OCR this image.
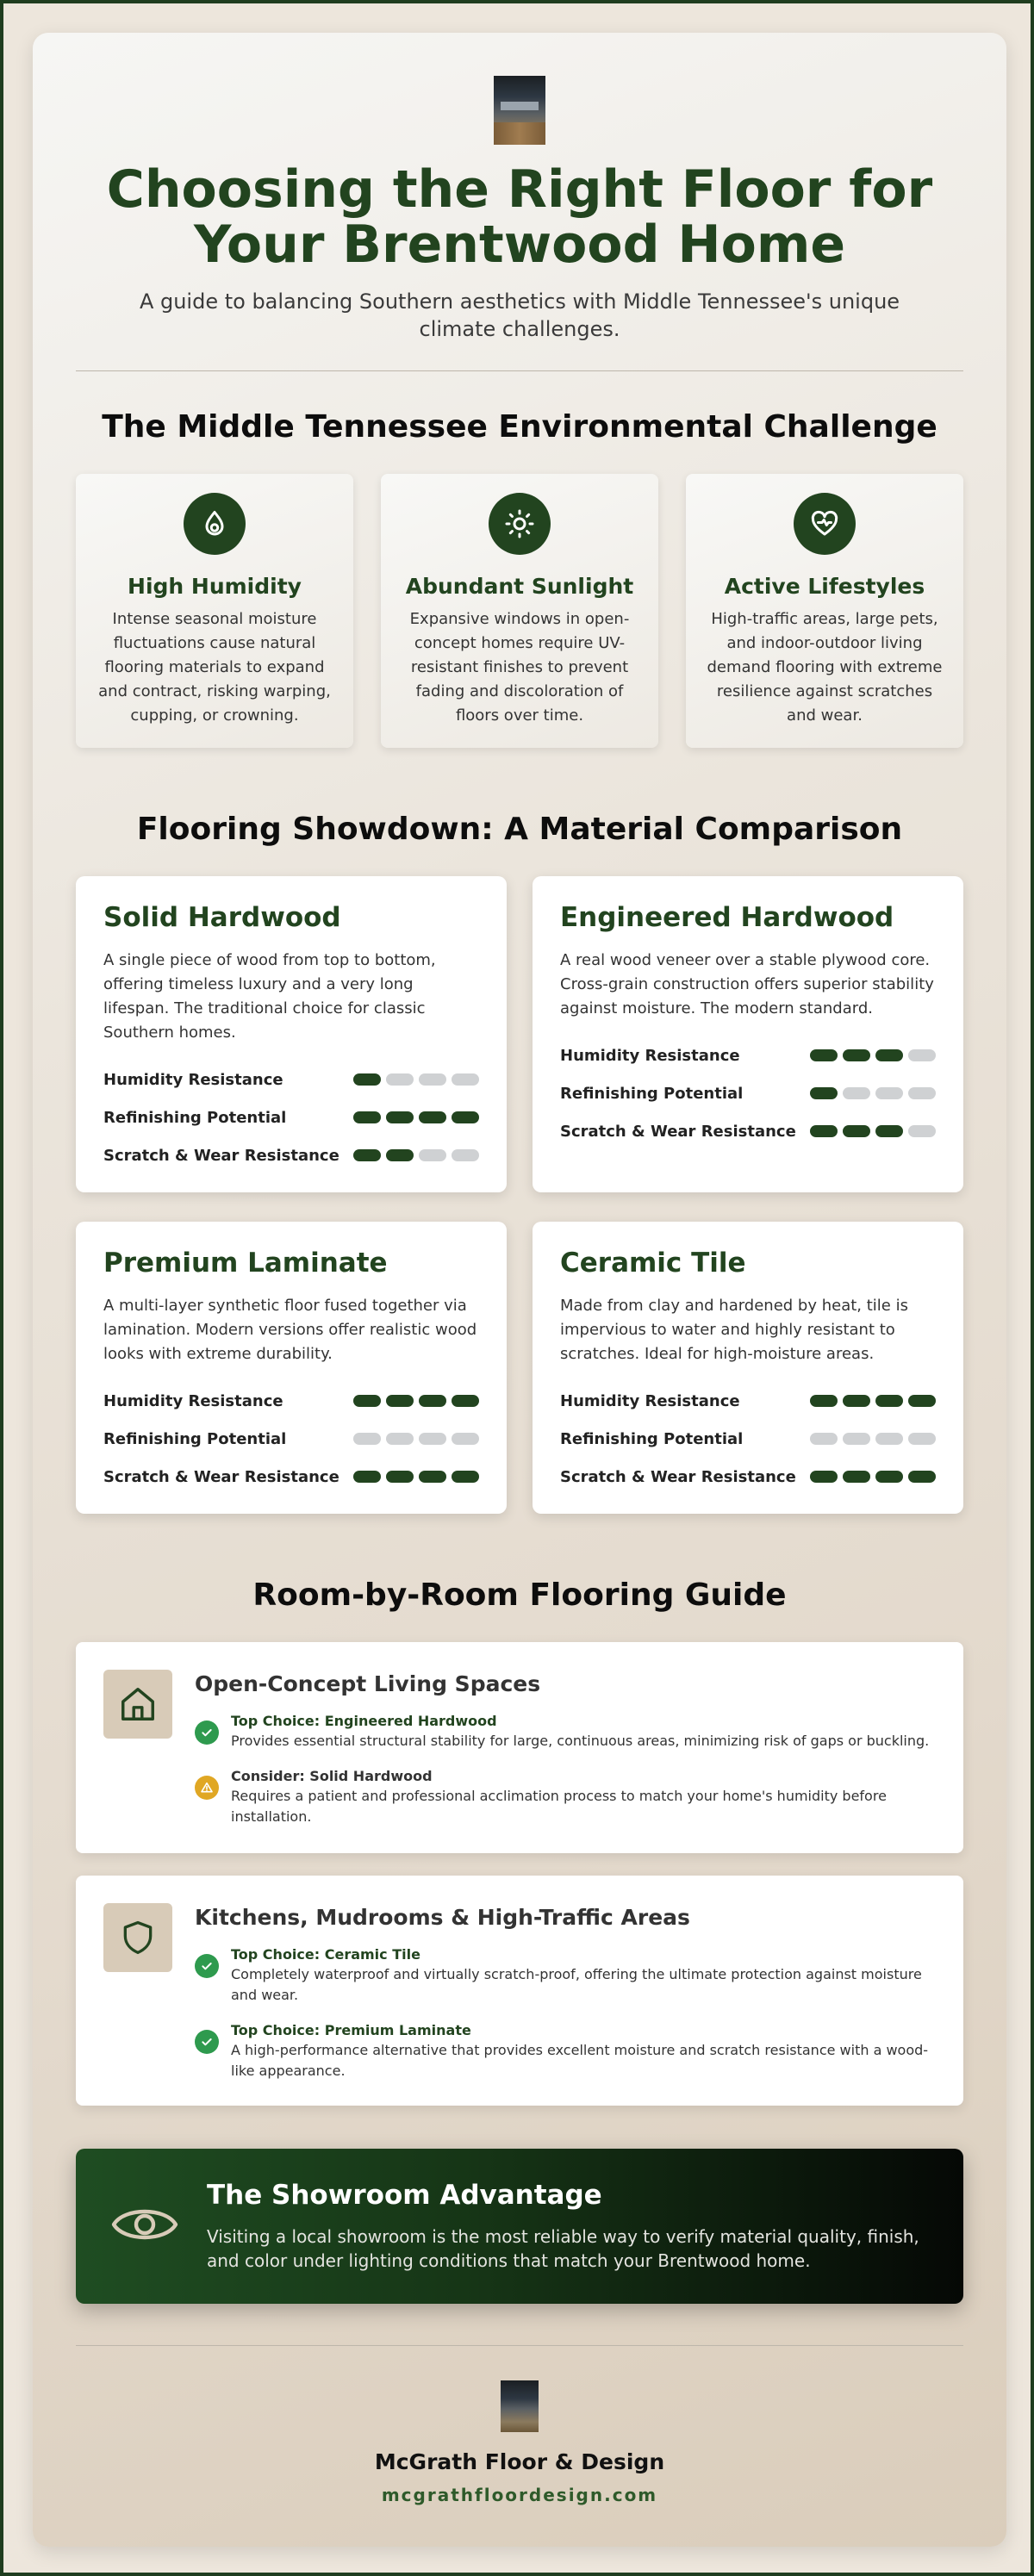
Choosing the Right Floor for
Your Brentwood Home

A guide to balancing Southern aesthetics with Middle Tennessee's unique climate challenges.

The Middle Tennessee Environmental Challenge
High Humidity
Intense seasonal moisture fluctuations cause natural flooring materials to expand and contract, risking warping, cupping, or crowning.
Abundant Sunlight
Expansive windows in open-concept homes require UV-resistant finishes to prevent fading and discoloration of floors over time.
Active Lifestyles
High-traffic areas, large pets, and indoor-outdoor living demand flooring with extreme resilience against scratches and wear.
Flooring Showdown: A Material Comparison
Solid Hardwood
A single piece of wood from top to bottom, offering timeless luxury and a very long lifespan. The traditional choice for classic Southern homes.
Humidity Resistance
Refinishing Potential
Scratch & Wear Resistance
Engineered Hardwood
A real wood veneer over a stable plywood core. Cross-grain construction offers superior stability against moisture. The modern standard.
Humidity Resistance
Refinishing Potential
Scratch & Wear Resistance
Premium Laminate
A multi-layer synthetic floor fused together via lamination. Modern versions offer realistic wood looks with extreme durability.
Humidity Resistance
Refinishing Potential
Scratch & Wear Resistance
Ceramic Tile
Made from clay and hardened by heat, tile is impervious to water and highly resistant to scratches. Ideal for high-moisture areas.
Humidity Resistance
Refinishing Potential
Scratch & Wear Resistance
Room-by-Room Flooring Guide
Open-Concept Living Spaces
Top Choice: Engineered Hardwood
Provides essential structural stability for large, continuous areas, minimizing risk of gaps or buckling.
Consider: Solid Hardwood
Requires a patient and professional acclimation process to match your home's humidity before installation.
Kitchens, Mudrooms & High-Traffic Areas
Top Choice: Ceramic Tile
Completely waterproof and virtually scratch-proof, offering the ultimate protection against moisture and wear.
Top Choice: Premium Laminate
A high-performance alternative that provides excellent moisture and scratch resistance with a wood-like appearance.
The Showroom Advantage
Visiting a local showroom is the most reliable way to verify material quality, finish, and color under lighting conditions that match your Brentwood home.
McGrath Floor & Design
mcgrathfloordesign.com
